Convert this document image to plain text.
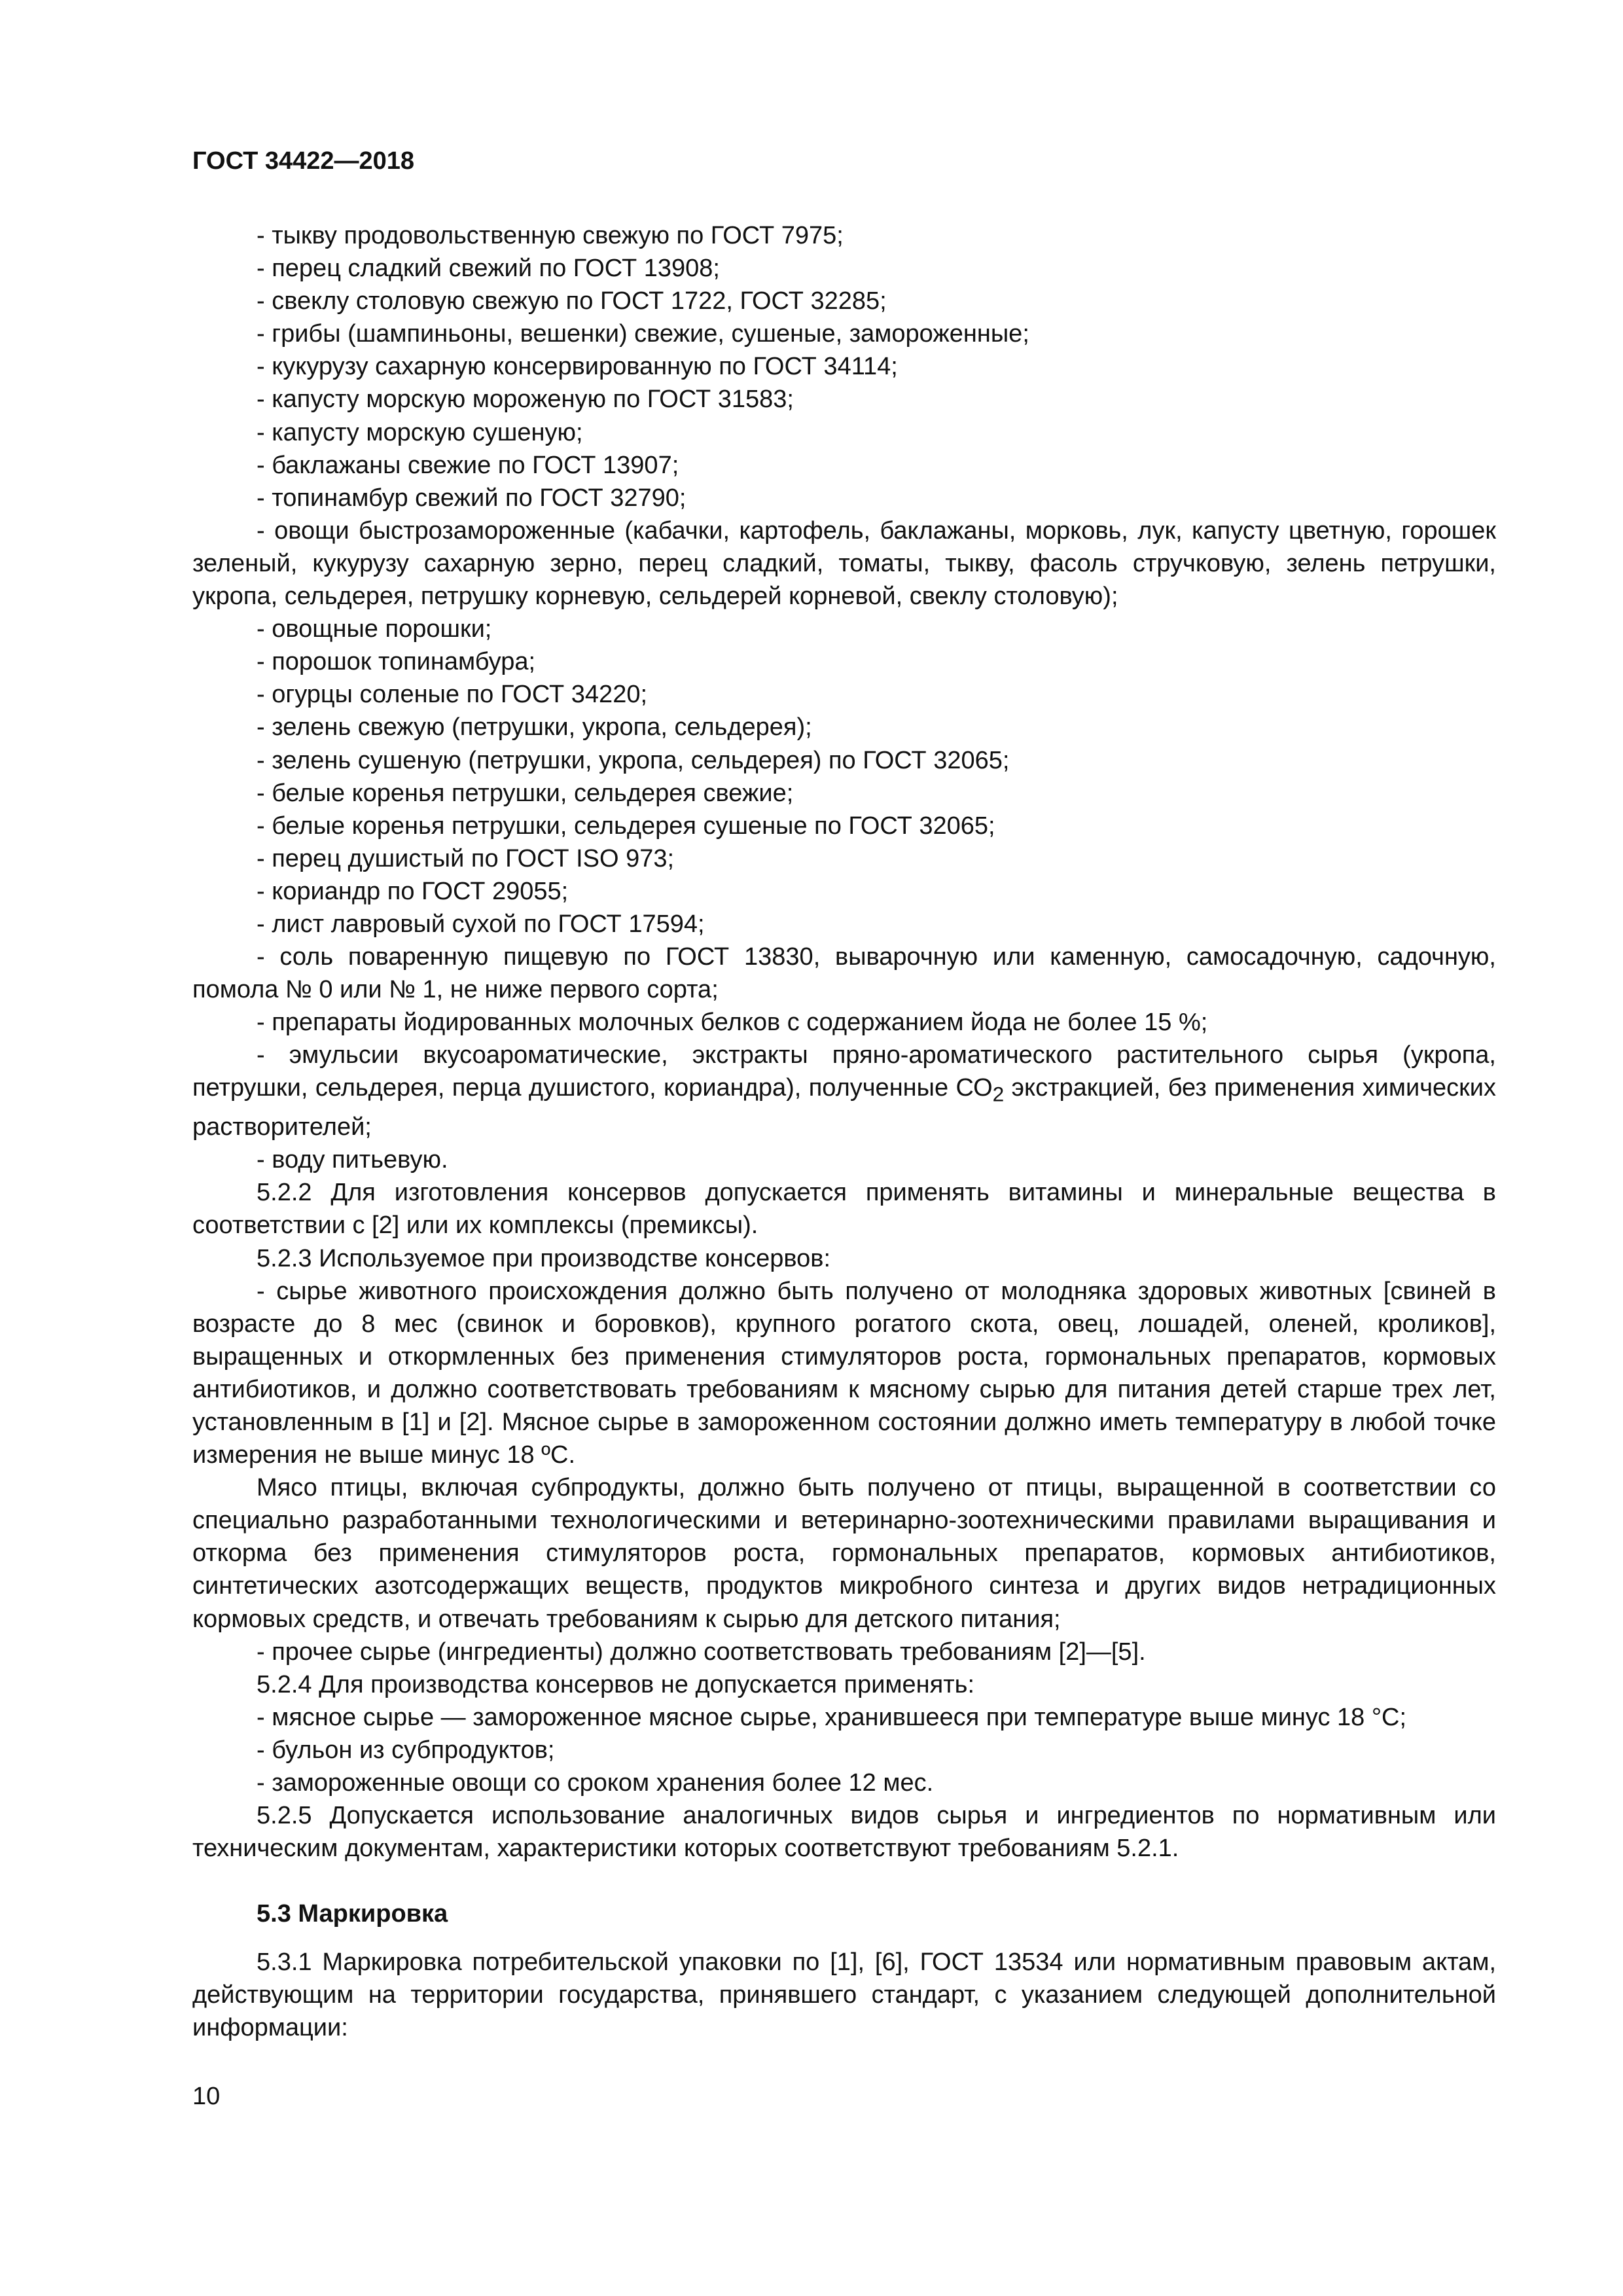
ГОСТ 34422—2018

- тыкву продовольственную свежую по ГОСТ 7975;

- перец сладкий свежий по ГОСТ 13908;

- свеклу столовую свежую по ГОСТ 1722, ГОСТ 32285;

- грибы (шампиньоны, вешенки) свежие, сушеные, замороженные;

- кукурузу сахарную консервированную по ГОСТ 34114;

- капусту морскую мороженую по ГОСТ 31583;

- капусту морскую сушеную;

- баклажаны свежие по ГОСТ 13907;

- топинамбур свежий по ГОСТ 32790;

- овощи быстрозамороженные (кабачки, картофель, баклажаны, морковь, лук, капусту цветную, горошек зеленый, кукурузу сахарную зерно, перец сладкий, томаты, тыкву, фасоль стручковую, зелень петрушки, укропа, сельдерея, петрушку корневую, сельдерей корневой, свеклу столовую);

- овощные порошки;

- порошок топинамбура;

- огурцы соленые по ГОСТ 34220;

- зелень свежую (петрушки, укропа, сельдерея);

- зелень сушеную (петрушки, укропа, сельдерея) по ГОСТ 32065;

- белые коренья петрушки, сельдерея свежие;

- белые коренья петрушки, сельдерея сушеные по ГОСТ 32065;

- перец душистый по ГОСТ ISO 973;

- кориандр по ГОСТ 29055;

- лист лавровый сухой по ГОСТ 17594;

- соль поваренную пищевую по ГОСТ 13830, выварочную или каменную, самосадочную, садочную, помола № 0 или № 1, не ниже первого сорта;

- препараты йодированных молочных белков с содержанием йода не более 15 %;

- эмульсии вкусоароматические, экстракты пряно-ароматического растительного сырья (укропа, петрушки, сельдерея, перца душистого, кориандра), полученные $СО_2$ экстракцией, без применения химических растворителей;

- воду питьевую.

5.2.2 Для изготовления консервов допускается применять витамины и минеральные вещества в соответствии с [2] или их комплексы (премиксы).

5.2.3 Используемое при производстве консервов:

- сырье животного происхождения должно быть получено от молодняка здоровых животных [свиней в возрасте до 8 мес (свинок и боровков), крупного рогатого скота, овец, лошадей, оленей, кроликов], выращенных и откормленных без применения стимуляторов роста, гормональных препаратов, кормовых антибиотиков, и должно соответствовать требованиям к мясному сырью для питания детей старше трех лет, установленным в [1] и [2]. Мясное сырье в замороженном состоянии должно иметь температуру в любой точке измерения не выше минус 18 ºС.

Мясо птицы, включая субпродукты, должно быть получено от птицы, выращенной в соответствии со специально разработанными технологическими и ветеринарно-зоотехническими правилами выращивания и откорма без применения стимуляторов роста, гормональных препаратов, кормовых антибиотиков, синтетических азотсодержащих веществ, продуктов микробного синтеза и других видов нетрадиционных кормовых средств, и отвечать требованиям к сырью для детского питания;

- прочее сырье (ингредиенты) должно соответствовать требованиям [2]—[5].

5.2.4 Для производства консервов не допускается применять:

- мясное сырье — замороженное мясное сырье, хранившееся при температуре выше минус 18 °С;

- бульон из субпродуктов;

- замороженные овощи со сроком хранения более 12 мес.

5.2.5 Допускается использование аналогичных видов сырья и ингредиентов по нормативным или техническим документам, характеристики которых соответствуют требованиям 5.2.1.

5.3 Маркировка

5.3.1 Маркировка потребительской упаковки по [1], [6], ГОСТ 13534 или нормативным правовым актам, действующим на территории государства, принявшего стандарт, с указанием следующей дополнительной информации:

10
